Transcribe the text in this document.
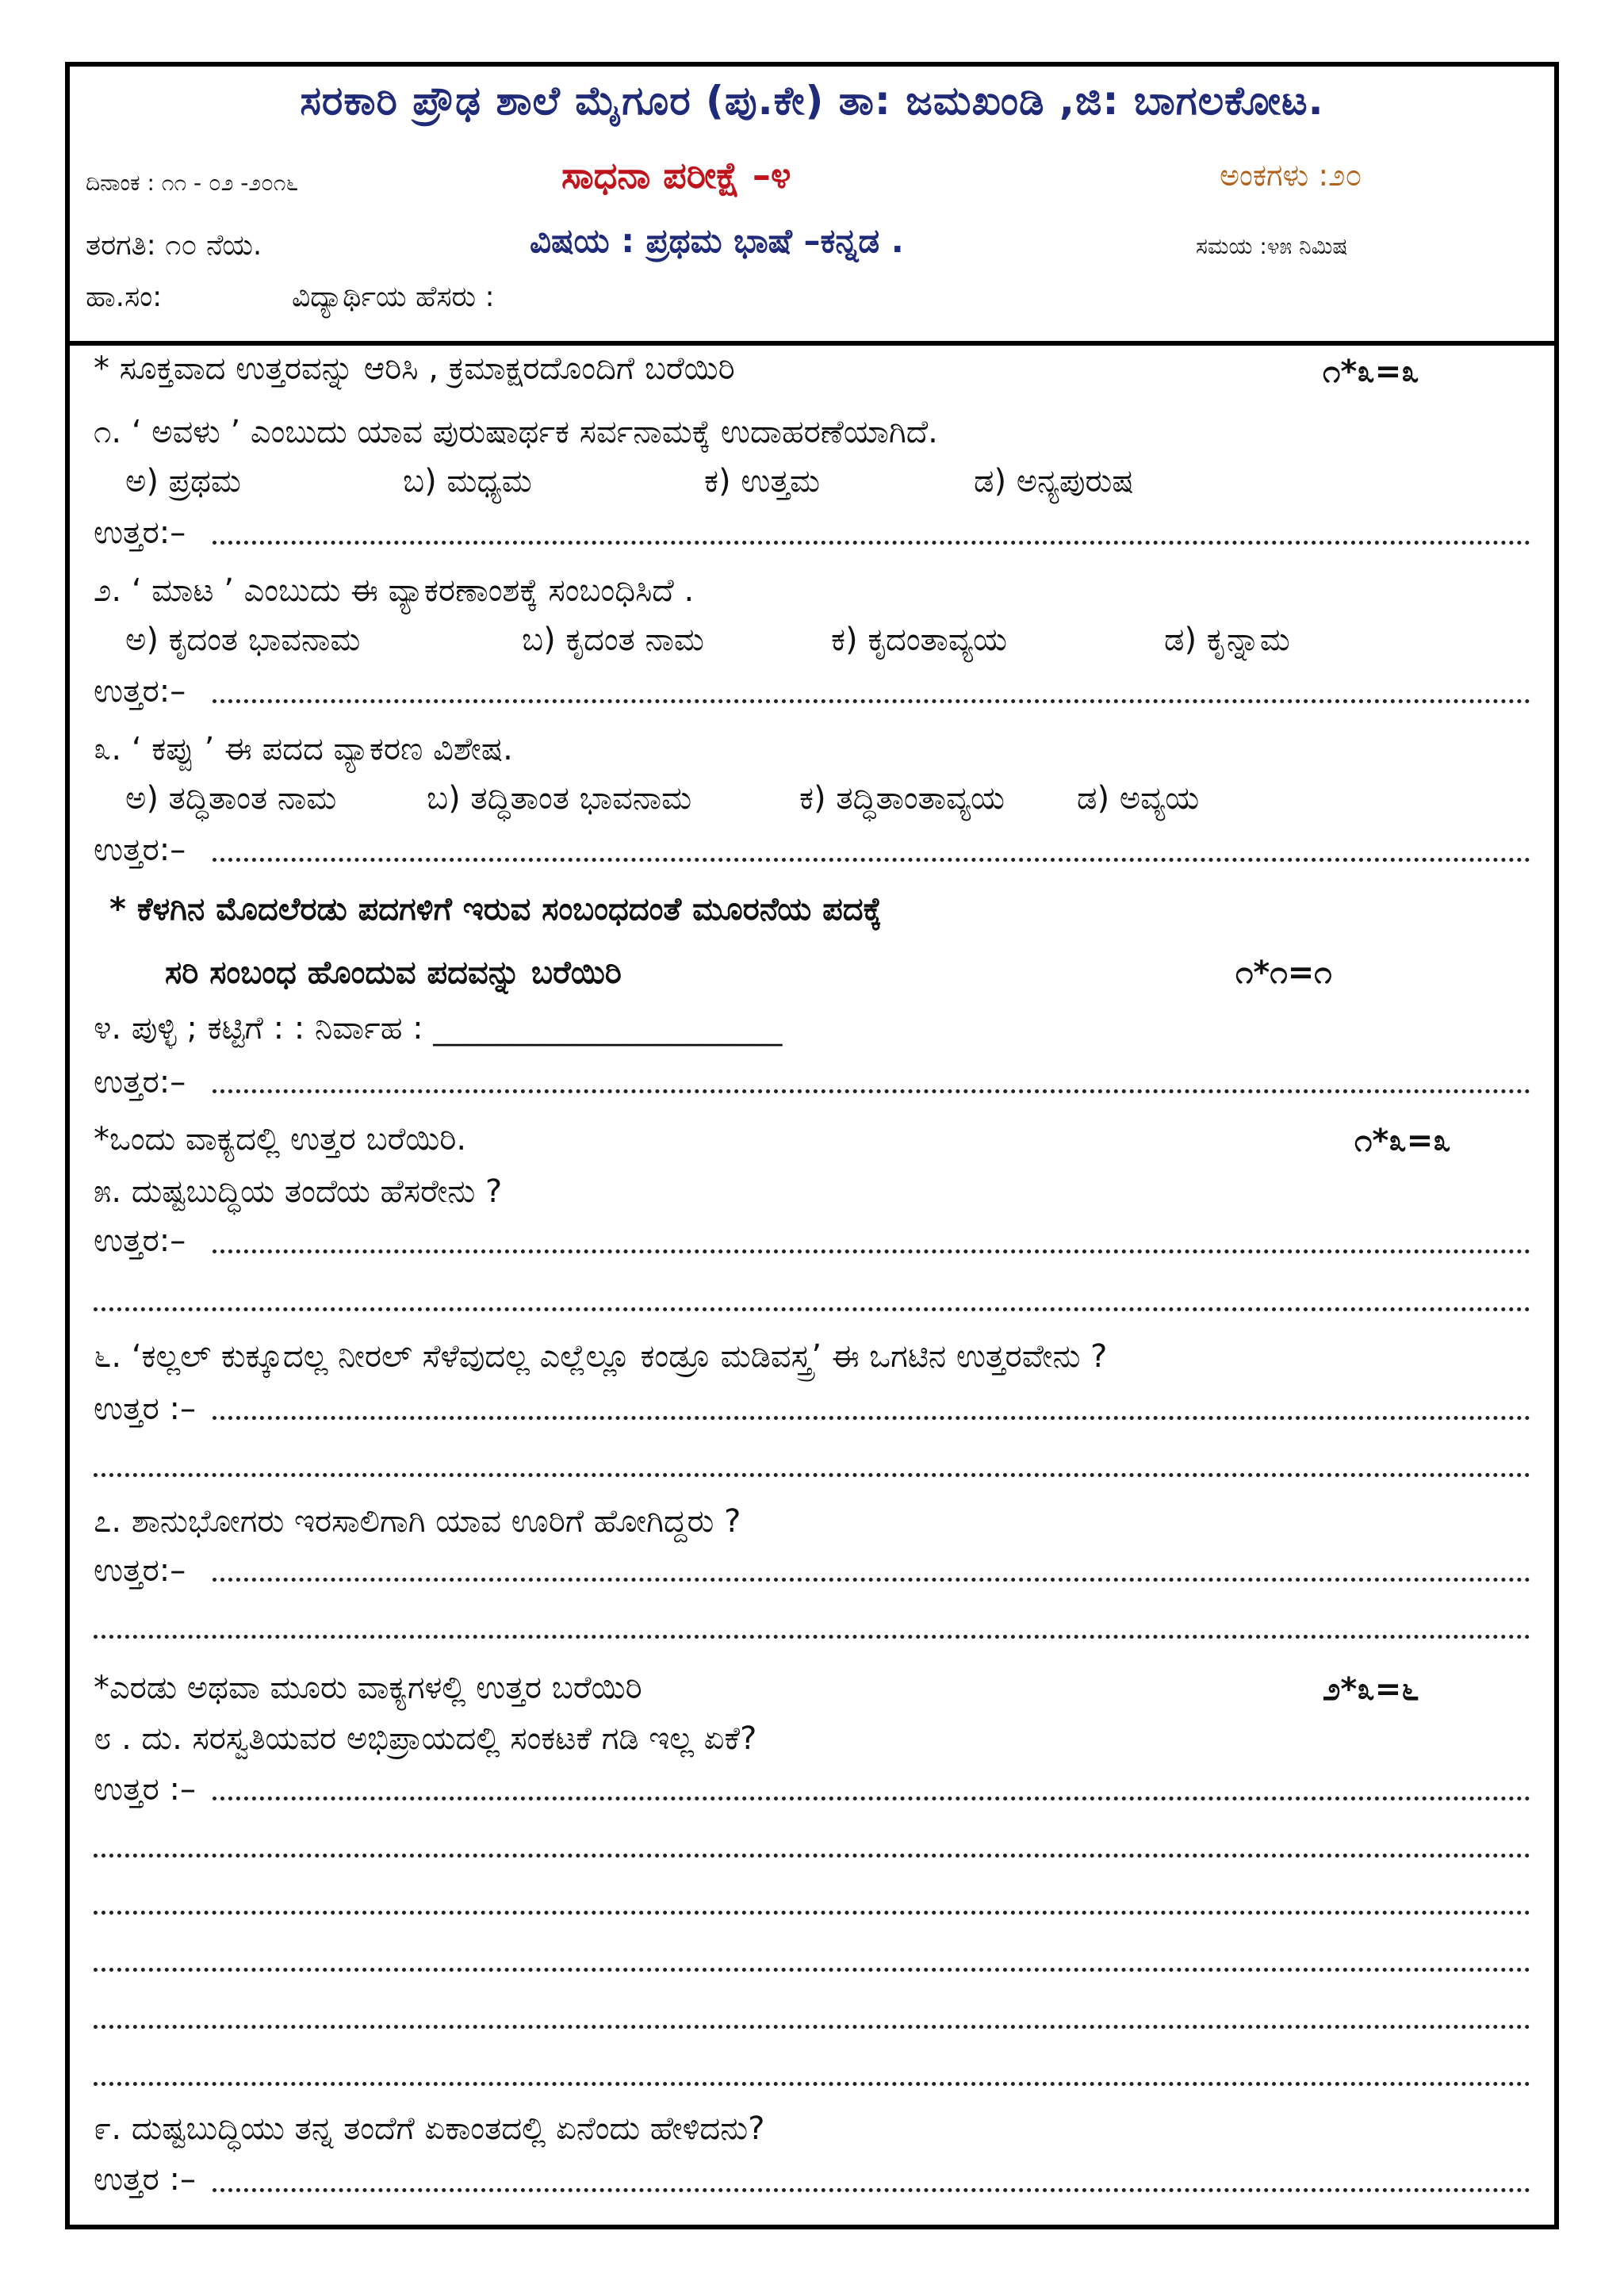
ಸರಕಾರಿ ಪ್ರೌಢ ಶಾಲೆ ಮೈಗೂರ (ಪು.ಕೇ) ತಾ: ಜಮಖಂಡಿ ,ಜಿ: ಬಾಗಲಕೋಟ.
ದಿನಾಂಕ : ೧೧ - ೦೨ -೨೦೧೬	ಸಾಧನಾ ಪರೀಕ್ಷೆ –೪	ಅಂಕಗಳು :೨೦
ತರಗತಿ: ೧೦ ನೆಯ.	ವಿಷಯ : ಪ್ರಥಮ ಭಾಷೆ –ಕನ್ನಡ .	ಸಮಯ :೪೫ ನಿಮಿಷ
ಹಾ.ಸಂ:	ವಿದ್ಯಾರ್ಥಿಯ ಹೆಸರು :
* ಸೂಕ್ತವಾದ ಉತ್ತರವನ್ನು ಆರಿಸಿ , ಕ್ರಮಾಕ್ಷರದೊಂದಿಗೆ ಬರೆಯಿರಿ	೧*೩=೩
೧. ‘ ಅವಳು ’ ಎಂಬುದು ಯಾವ ಪುರುಷಾರ್ಥಕ ಸರ್ವನಾಮಕ್ಕೆ ಉದಾಹರಣೆಯಾಗಿದೆ.
ಅ) ಪ್ರಥಮ	ಬ) ಮಧ್ಯಮ	ಕ) ಉತ್ತಮ	ಡ) ಅನ್ಯಪುರುಷ
ಉತ್ತರ:–
೨. ‘ ಮಾಟ ’ ಎಂಬುದು ಈ ವ್ಯಾಕರಣಾಂಶಕ್ಕೆ ಸಂಬಂಧಿಸಿದೆ .
ಅ) ಕೃದಂತ ಭಾವನಾಮ	ಬ) ಕೃದಂತ ನಾಮ	ಕ) ಕೃದಂತಾವ್ಯಯ	ಡ) ಕೃನ್ನಾಮ
ಉತ್ತರ:–
೩. ‘ ಕಪ್ಪು ’ ಈ ಪದದ ವ್ಯಾಕರಣ ವಿಶೇಷ.
ಅ) ತದ್ಧಿತಾಂತ ನಾಮ	ಬ) ತದ್ಧಿತಾಂತ ಭಾವನಾಮ	ಕ) ತದ್ಧಿತಾಂತಾವ್ಯಯ ಡ) ಅವ್ಯಯ
ಉತ್ತರ:–
* ಕೆಳಗಿನ ಮೊದಲೆರಡು ಪದಗಳಿಗೆ ಇರುವ ಸಂಬಂಧದಂತೆ ಮೂರನೆಯ ಪದಕ್ಕೆ
ಸರಿ ಸಂಬಂಧ ಹೊಂದುವ ಪದವನ್ನು ಬರೆಯಿರಿ	೧*೧=೧
೪. ಪುಳ್ಳಿ ; ಕಟ್ಟಿಗೆ : : ನಿರ್ವಾಹ : ______________________
ಉತ್ತರ:–
*ಒಂದು ವಾಕ್ಯದಲ್ಲಿ ಉತ್ತರ ಬರೆಯಿರಿ.	೧*೩=೩
೫. ದುಷ್ಟಬುದ್ಧಿಯ ತಂದೆಯ ಹೆಸರೇನು ?
ಉತ್ತರ:–
೬. ‘ಕಲ್ಲಲ್ ಕುಕ್ಕೂದಲ್ಲ ನೀರಲ್ ಸೆಳೆವುದಲ್ಲ ಎಲ್ಲೆಲ್ಲೂ ಕಂಡ್ರೂ ಮಡಿವಸ್ತ್ರ’ ಈ ಒಗಟಿನ ಉತ್ತರವೇನು ?
ಉತ್ತರ :–
೭. ಶಾನುಭೋಗರು ಇರಸಾಲಿಗಾಗಿ ಯಾವ ಊರಿಗೆ ಹೋಗಿದ್ದರು ?
ಉತ್ತರ:–
*ಎರಡು ಅಥವಾ ಮೂರು ವಾಕ್ಯಗಳಲ್ಲಿ ಉತ್ತರ ಬರೆಯಿರಿ	೨*೩=೬
೮ . ದು. ಸರಸ್ವತಿಯವರ ಅಭಿಪ್ರಾಯದಲ್ಲಿ ಸಂಕಟಕೆ ಗಡಿ ಇಲ್ಲ ಏಕೆ?
ಉತ್ತರ :–
೯. ದುಷ್ಟಬುದ್ಧಿಯು ತನ್ನ ತಂದೆಗೆ ಏಕಾಂತದಲ್ಲಿ ಏನೆಂದು ಹೇಳಿದನು?
ಉತ್ತರ :–
